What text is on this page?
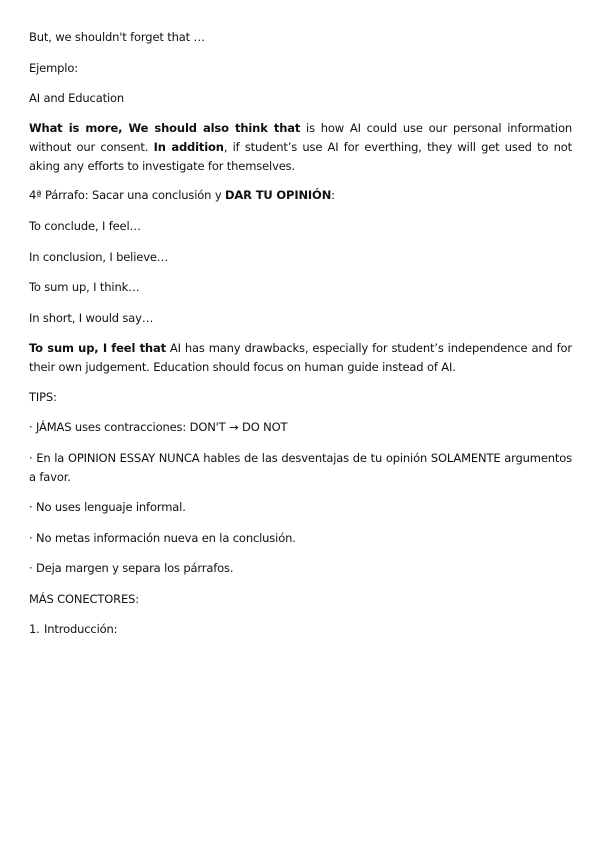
But, we shouldn't forget that …
Ejemplo:
AI and Education
What is more, We should also think that is how AI could use our personal information without our consent. In addition, if student’s use AI for everthing, they will get used to not aking any efforts to investigate for themselves.
4ª Párrafo: Sacar una conclusión y DAR TU OPINIÓN:
To conclude, I feel…
In conclusion, I believe…
To sum up, I think…
In short, I would say…
To sum up, I feel that AI has many drawbacks, especially for student’s independence and for their own judgement. Education should focus on human guide instead of AI.
TIPS:
· JÁMAS uses contracciones: DON'T → DO NOT
· En la OPINION ESSAY NUNCA hables de las desventajas de tu opinión SOLAMENTE argumentos a favor.
· No uses lenguaje informal.
· No metas información nueva en la conclusión.
· Deja margen y separa los párrafos.
MÁS CONECTORES:
1. Introducción:
